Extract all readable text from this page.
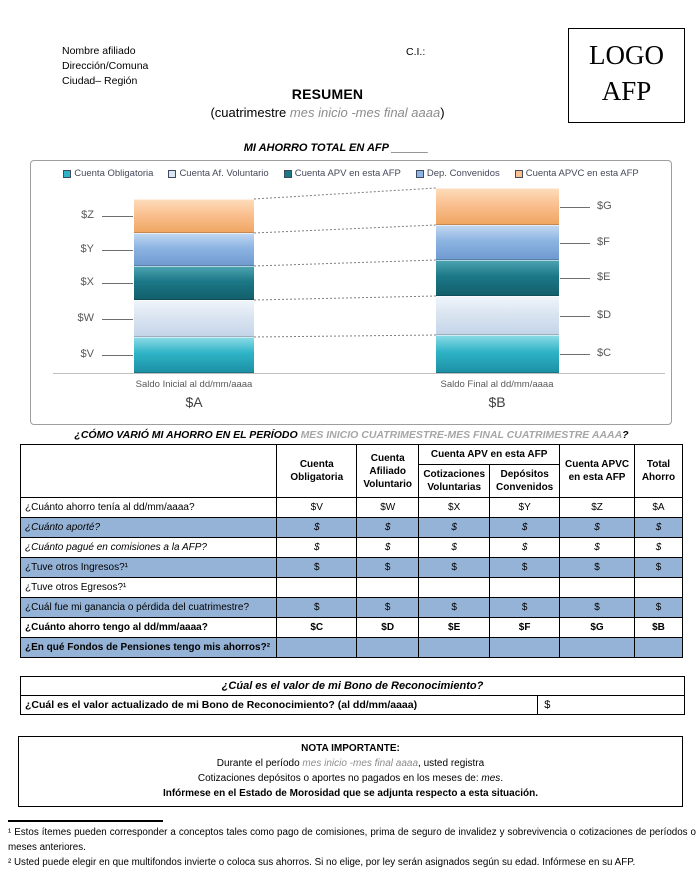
Nombre afiliado
Dirección/Comuna
Ciudad– Región
C.I.:	LOGO
AFP
RESUMEN
(cuatrimestre mes inicio -mes final aaaa)
MI AHORRO TOTAL EN AFP ______
Cuenta Obligatoria	Cuenta Af. Voluntario	Cuenta APV en esta AFP	Dep. Convenidos	Cuenta APVC en esta AFP
Saldo Inicial al dd/mm/aaaa	Saldo Final al dd/mm/aaaa
$A	$B
$Z
$Y
$X
$W
$V
$G
$F
$E
$D
$C
¿CÓMO VARIÓ MI AHORRO EN EL PERÍODO MES INICIO CUATRIMESTRE-MES FINAL CUATRIMESTRE AAAA?
	Cuenta Obligatoria	Cuenta Afiliado Voluntario	Cuenta APV en esta AFP		Cuenta APVC en esta AFP	Total Ahorro
			Cotizaciones Voluntarias	Depósitos Convenidos		
¿Cuánto ahorro tenía al dd/mm/aaaa?	$V	$W	$X	$Y	$Z	$A
¿Cuánto aporté?	$	$	$	$	$	$
¿Cuánto pagué en comisiones a la AFP?	$	$	$	$	$	$
¿Tuve otros Ingresos?¹	$	$	$	$	$	$
¿Tuve otros Egresos?¹						
¿Cuál fue mi ganancia o pérdida del cuatrimestre?	$	$	$	$	$	$
¿Cuánto ahorro tengo al dd/mm/aaaa?	$C	$D	$E	$F	$G	$B
¿En qué Fondos de Pensiones tengo mis ahorros?²						
¿Cúal es el valor de mi Bono de Reconocimiento?
¿Cuál es el valor actualizado de mi Bono de Reconocimiento? (al dd/mm/aaaa)	$
NOTA IMPORTANTE:
Durante el período mes inicio -mes final aaaa, usted registra
Cotizaciones depósitos o aportes no pagados en los meses de: mes.
Infórmese en el Estado de Morosidad que se adjunta respecto a esta situación.

¹ Estos ítemes pueden corresponder a conceptos tales como pago de comisiones, prima de seguro de invalidez y sobrevivencia o cotizaciones de períodos o meses anteriores.

² Usted puede elegir en que multifondos invierte o coloca sus ahorros. Si no elige, por ley serán asignados según su edad. Infórmese en su AFP.
